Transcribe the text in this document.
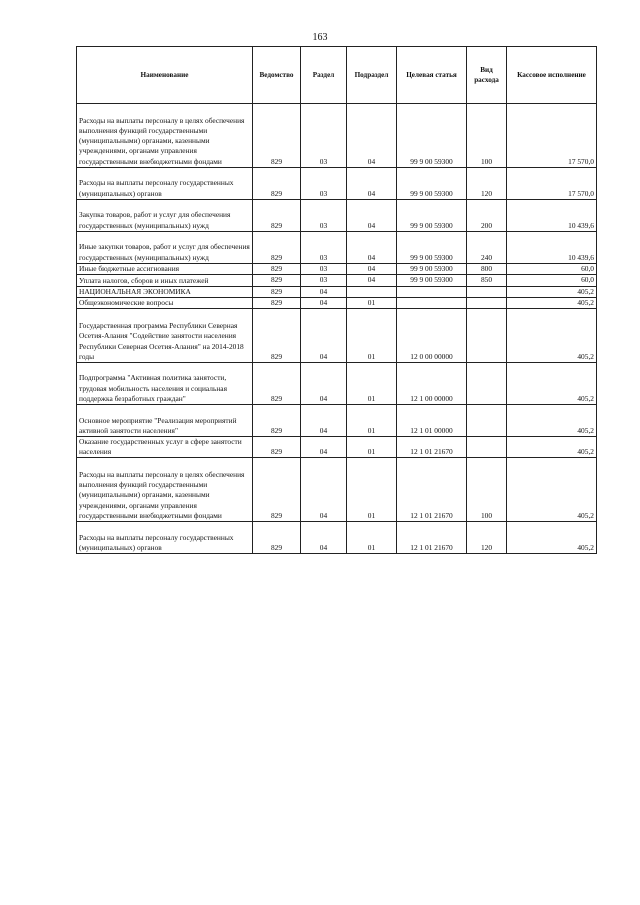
163
Наименование	Ведомство	Раздел	Подраздел	Целевая статья	Вид расхода	Кассовое исполнение

Расходы на выплаты персоналу в целях обеспечения выполнения функций государственными (муниципальными) органами, казенными учреждениями, органами управления государственными внебюджетными фондами	829	03	04	99 9 00 59300	100	17 570,0

Расходы на выплаты персоналу государственных (муниципальных) органов	829	03	04	99 9 00 59300	120	17 570,0

Закупка товаров, работ и услуг для обеспечения государственных (муниципальных) нужд	829	03	04	99 9 00 59300	200	10 439,6

Иные закупки товаров, работ и услуг для обеспечения государственных (муниципальных) нужд	829	03	04	99 9 00 59300	240	10 439,6

Иные бюджетные ассигнования	829	03	04	99 9 00 59300	800	60,0

Уплата налогов, сборов и иных платежей	829	03	04	99 9 00 59300	850	60,0

НАЦИОНАЛЬНАЯ ЭКОНОМИКА	829	04				405,2

Общеэкономические вопросы	829	04	01			405,2

Государственная программа Республики Северная Осетия-Алания "Содействие занятости населения Республики Северная Осетия-Алания" на 2014-2018 годы	829	04	01	12 0 00 00000		405,2

Подпрограмма "Активная политика занятости, трудовая мобильность населения и социальная поддержка безработных граждан"	829	04	01	12 1 00 00000		405,2

Основное мероприятие "Реализация мероприятий активной занятости населения"	829	04	01	12 1 01 00000		405,2

Оказание государственных услуг в сфере занятости населения	829	04	01	12 1 01 21670		405,2

Расходы на выплаты персоналу в целях обеспечения выполнения функций государственными (муниципальными) органами, казенными учреждениями, органами управления государственными внебюджетными фондами	829	04	01	12 1 01 21670	100	405,2

Расходы на выплаты персоналу государственных (муниципальных) органов	829	04	01	12 1 01 21670	120	405,2
